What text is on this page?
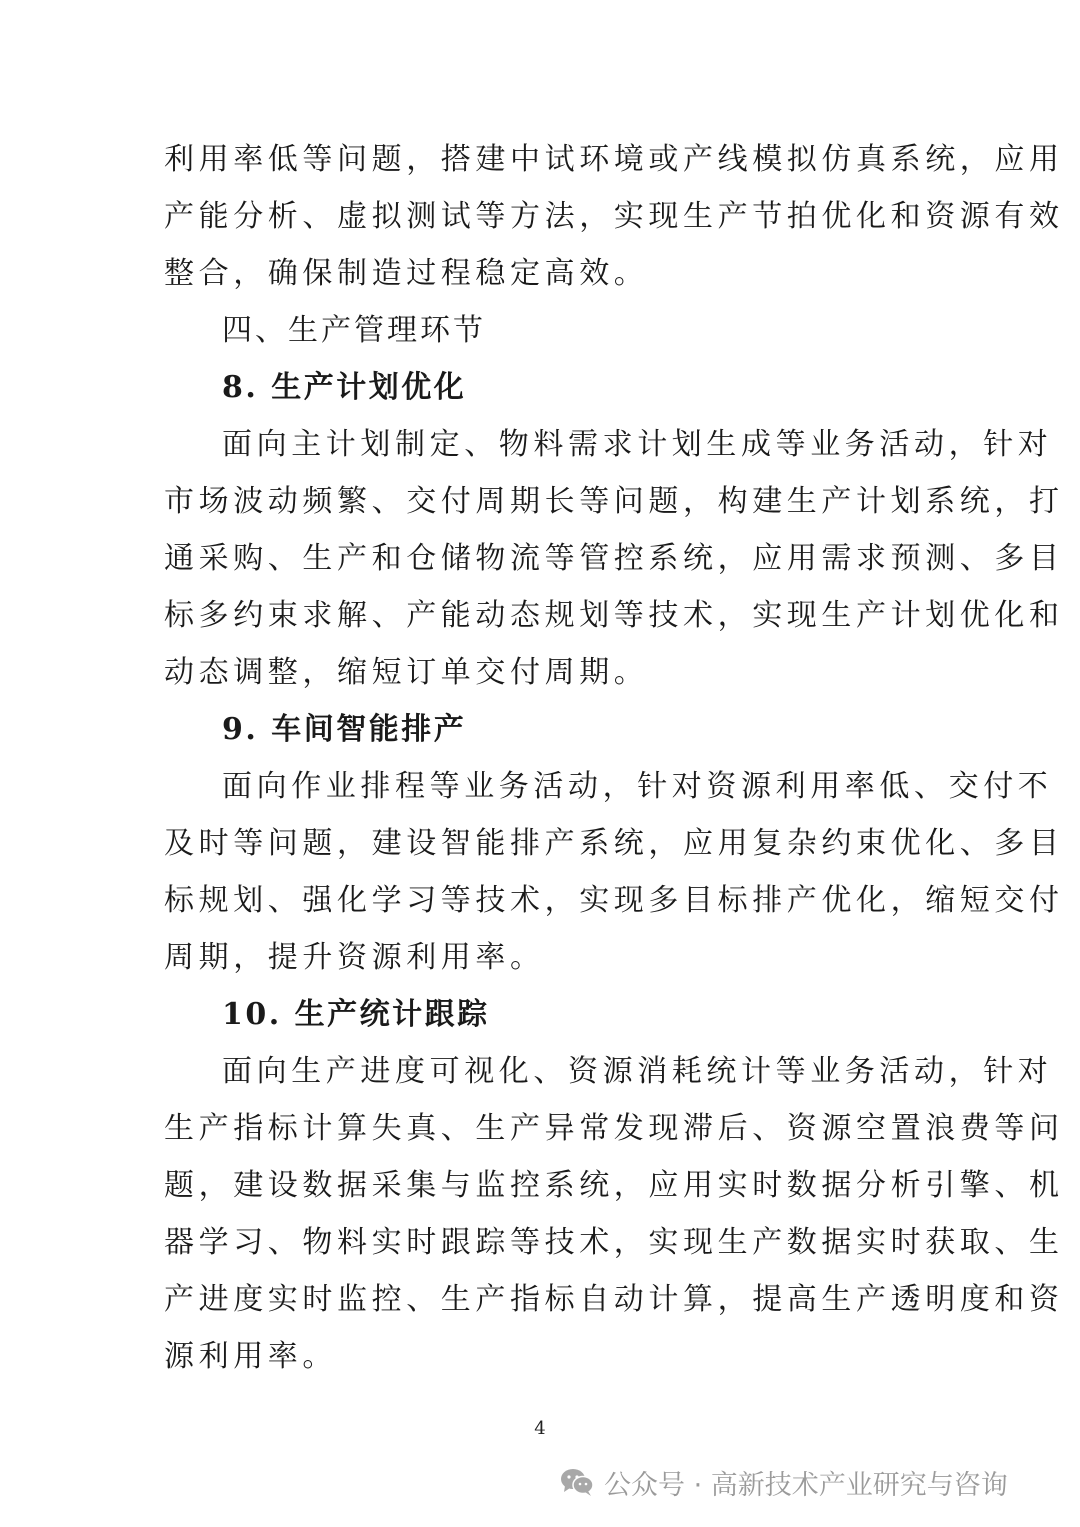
利用率低等问题，搭建中试环境或产线模拟仿真系统，应用
产能分析、虚拟测试等方法，实现生产节拍优化和资源有效
整合，确保制造过程稳定高效。
四、生产管理环节
8. 生产计划优化
面向主计划制定、物料需求计划生成等业务活动，针对
市场波动频繁、交付周期长等问题，构建生产计划系统，打
通采购、生产和仓储物流等管控系统，应用需求预测、多目
标多约束求解、产能动态规划等技术，实现生产计划优化和
动态调整，缩短订单交付周期。
9. 车间智能排产
面向作业排程等业务活动，针对资源利用率低、交付不
及时等问题，建设智能排产系统，应用复杂约束优化、多目
标规划、强化学习等技术，实现多目标排产优化，缩短交付
周期，提升资源利用率。
10. 生产统计跟踪
面向生产进度可视化、资源消耗统计等业务活动，针对
生产指标计算失真、生产异常发现滞后、资源空置浪费等问
题，建设数据采集与监控系统，应用实时数据分析引擎、机
器学习、物料实时跟踪等技术，实现生产数据实时获取、生
产进度实时监控、生产指标自动计算，提高生产透明度和资
源利用率。
4
公众号 · 高新技术产业研究与咨询
